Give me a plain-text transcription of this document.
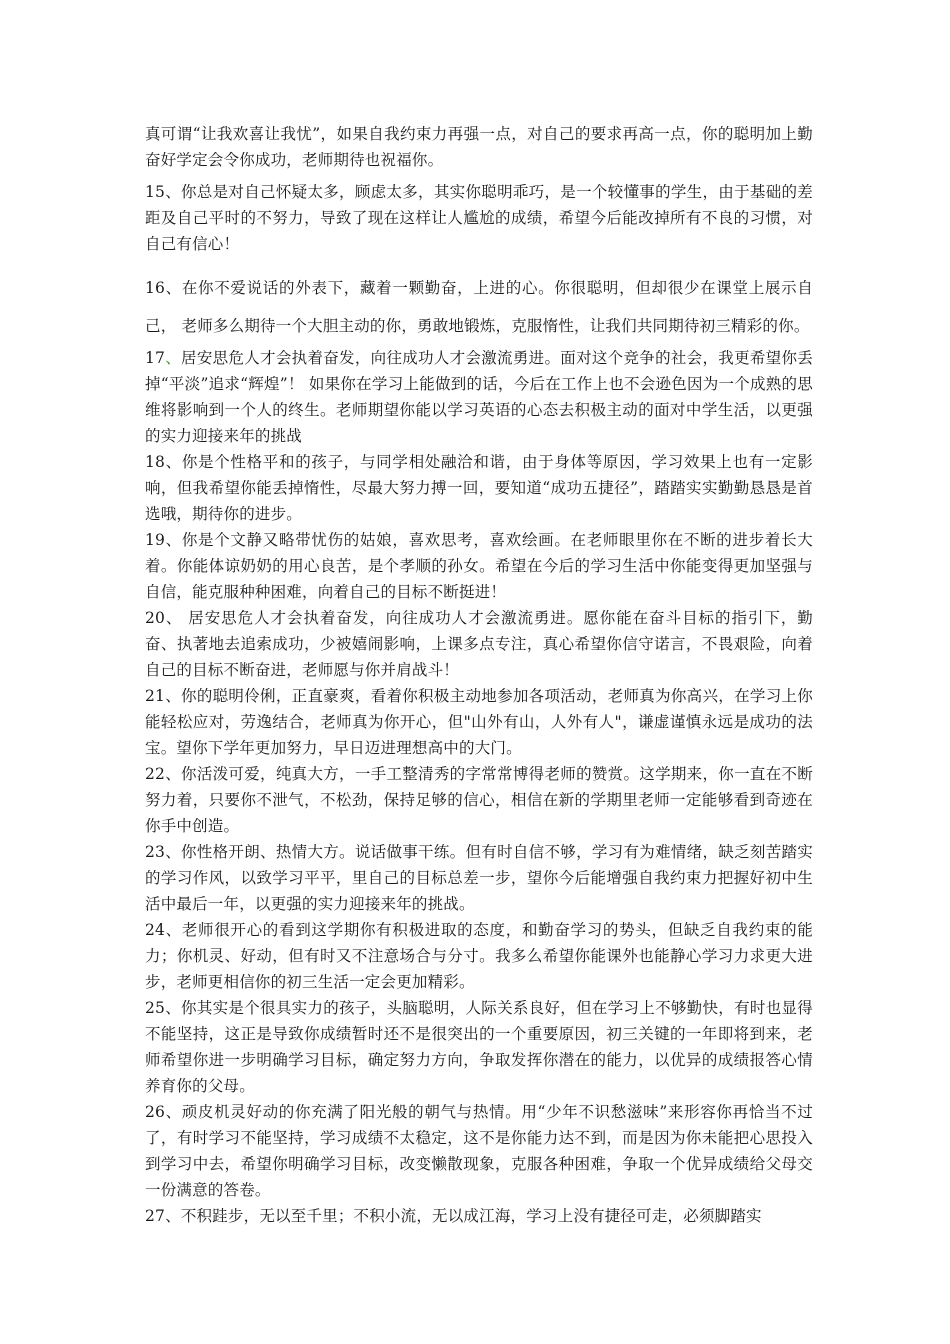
真可谓“让我欢喜让我忧”，如果自我约束力再强一点，对自己的要求再高一点，你的聪明加上勤奋好学定会令你成功，老师期待也祝福你。

15、你总是对自己怀疑太多，顾虑太多，其实你聪明乖巧，是一个较懂事的学生，由于基础的差距及自己平时的不努力，导致了现在这样让人尴尬的成绩，希望今后能改掉所有不良的习惯，对自己有信心！

16、在你不爱说话的外表下，藏着一颗勤奋，上进的心。你很聪明，但却很少在课堂上展示自己， 老师多么期待一个大胆主动的你，勇敢地锻炼，克服惰性，让我们共同期待初三精彩的你。

17、居安思危人才会执着奋发，向往成功人才会激流勇进。面对这个竞争的社会，我更希望你丢掉“平淡”追求“辉煌”！ 如果你在学习上能做到的话，今后在工作上也不会逊色因为一个成熟的思维将影响到一个人的终生。老师期望你能以学习英语的心态去积极主动的面对中学生活，以更强的实力迎接来年的挑战

18、你是个性格平和的孩子，与同学相处融洽和谐，由于身体等原因，学习效果上也有一定影响，但我希望你能丢掉惰性，尽最大努力搏一回，要知道“成功五捷径”，踏踏实实勤勤恳恳是首选哦，期待你的进步。

19、你是个文静又略带忧伤的姑娘，喜欢思考，喜欢绘画。在老师眼里你在不断的进步着长大着。你能体谅奶奶的用心良苦，是个孝顺的孙女。希望在今后的学习生活中你能变得更加坚强与自信，能克服种种困难，向着自己的目标不断挺进！

20、 居安思危人才会执着奋发，向往成功人才会激流勇进。愿你能在奋斗目标的指引下，勤奋、执著地去追索成功，少被嬉闹影响，上课多点专注，真心希望你信守诺言，不畏艰险，向着自己的目标不断奋进，老师愿与你并肩战斗！

21、你的聪明伶俐，正直豪爽，看着你积极主动地参加各项活动，老师真为你高兴，在学习上你能轻松应对，劳逸结合，老师真为你开心，但"山外有山，人外有人"，谦虚谨慎永远是成功的法宝。望你下学年更加努力，早日迈进理想高中的大门。

22、你活泼可爱，纯真大方，一手工整清秀的字常常博得老师的赞赏。这学期来，你一直在不断努力着，只要你不泄气，不松劲，保持足够的信心，相信在新的学期里老师一定能够看到奇迹在你手中创造。

23、你性格开朗、热情大方。说话做事干练。但有时自信不够，学习有为难情绪，缺乏刻苦踏实的学习作风，以致学习平平，里自己的目标总差一步，望你今后能增强自我约束力把握好初中生活中最后一年，以更强的实力迎接来年的挑战。

24、老师很开心的看到这学期你有积极进取的态度，和勤奋学习的势头，但缺乏自我约束的能力；你机灵、好动，但有时又不注意场合与分寸。我多么希望你能课外也能静心学习力求更大进步，老师更相信你的初三生活一定会更加精彩。

25、你其实是个很具实力的孩子，头脑聪明，人际关系良好，但在学习上不够勤快，有时也显得不能坚持，这正是导致你成绩暂时还不是很突出的一个重要原因，初三关键的一年即将到来，老师希望你进一步明确学习目标，确定努力方向，争取发挥你潜在的能力，以优异的成绩报答心情养育你的父母。

26、顽皮机灵好动的你充满了阳光般的朝气与热情。用“少年不识愁滋味”来形容你再恰当不过了，有时学习不能坚持，学习成绩不太稳定，这不是你能力达不到，而是因为你未能把心思投入到学习中去，希望你明确学习目标，改变懒散现象，克服各种困难，争取一个优异成绩给父母交一份满意的答卷。

27、不积跬步，无以至千里；不积小流，无以成江海，学习上没有捷径可走，必须脚踏实
